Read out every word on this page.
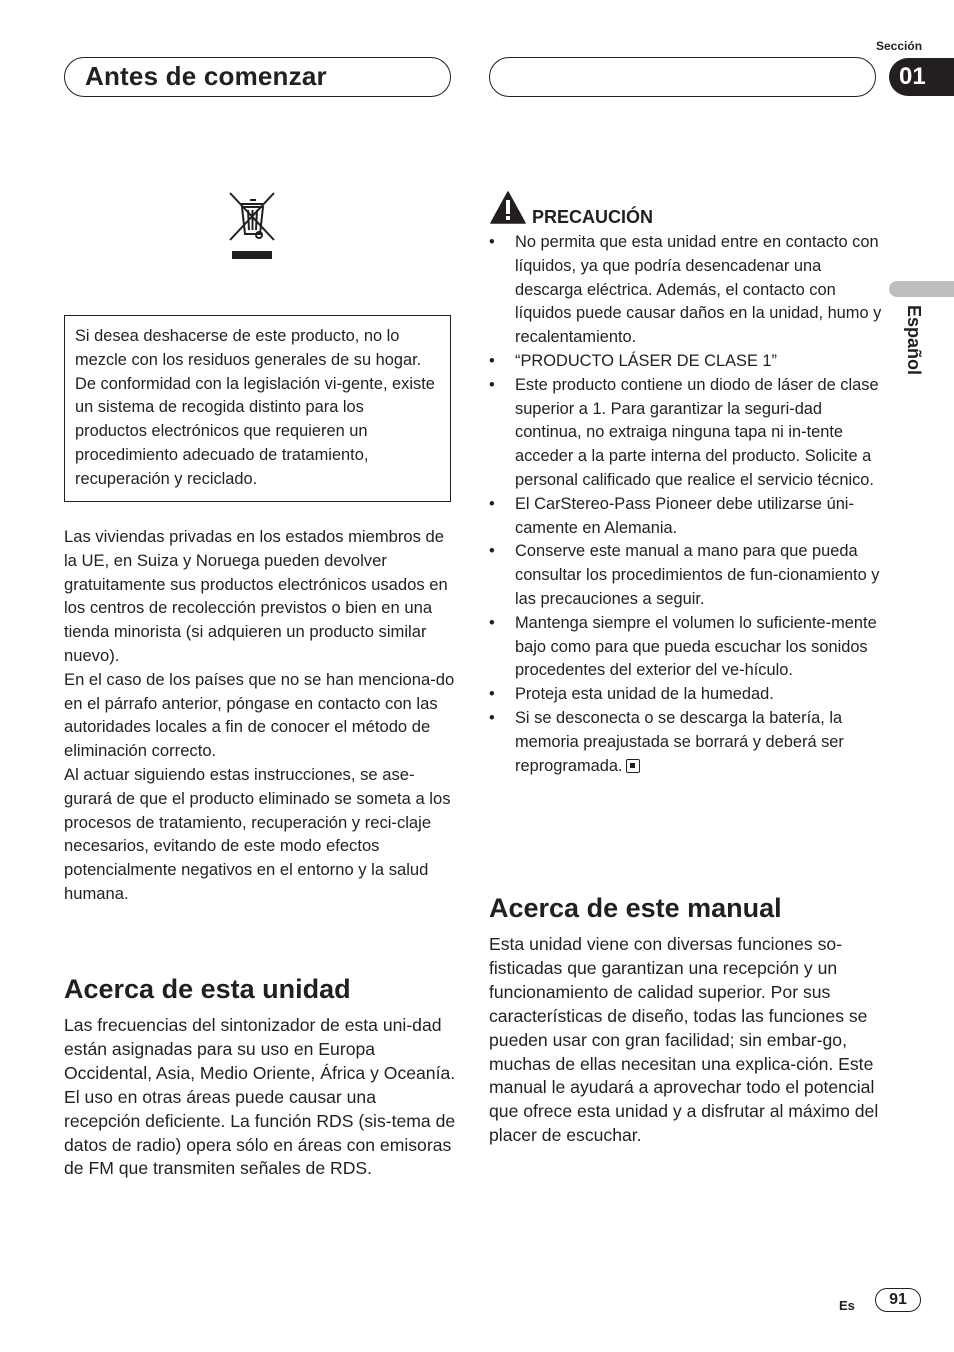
Antes de comenzar
Sección
01
Español
Si desea deshacerse de este producto, no lo mezcle con los residuos generales de su hogar. De conformidad con la legislación vi-gente, existe un sistema de recogida distinto para los productos electrónicos que requieren un procedimiento adecuado de tratamiento, recuperación y reciclado.
Las viviendas privadas en los estados miembros de la UE, en Suiza y Noruega pueden devolver gratuitamente sus productos electrónicos usados en los centros de recolección previstos o bien en una tienda minorista (si adquieren un producto similar nuevo).
En el caso de los países que no se han menciona-do en el párrafo anterior, póngase en contacto con las autoridades locales a fin de conocer el método de eliminación correcto.
Al actuar siguiendo estas instrucciones, se ase-gurará de que el producto eliminado se someta a los procesos de tratamiento, recuperación y reci-claje necesarios, evitando de este modo efectos potencialmente negativos en el entorno y la salud humana.
Acerca de esta unidad
Las frecuencias del sintonizador de esta uni-dad están asignadas para su uso en Europa Occidental, Asia, Medio Oriente, África y Oceanía. El uso en otras áreas puede causar una recepción deficiente. La función RDS (sis-tema de datos de radio) opera sólo en áreas con emisoras de FM que transmiten señales de RDS.
PRECAUCIÓN
• No permita que esta unidad entre en contacto con líquidos, ya que podría desencadenar una descarga eléctrica. Además, el contacto con líquidos puede causar daños en la unidad, humo y recalentamiento.
• “PRODUCTO LÁSER DE CLASE 1”
• Este producto contiene un diodo de láser de clase superior a 1. Para garantizar la seguri-dad continua, no extraiga ninguna tapa ni in-tente acceder a la parte interna del producto. Solicite a personal calificado que realice el servicio técnico.
• El CarStereo-Pass Pioneer debe utilizarse úni-camente en Alemania.
• Conserve este manual a mano para que pueda consultar los procedimientos de fun-cionamiento y las precauciones a seguir.
• Mantenga siempre el volumen lo suficiente-mente bajo como para que pueda escuchar los sonidos procedentes del exterior del ve-hículo.
• Proteja esta unidad de la humedad.
• Si se desconecta o se descarga la batería, la memoria preajustada se borrará y deberá ser reprogramada.
Acerca de este manual
Esta unidad viene con diversas funciones so-fisticadas que garantizan una recepción y un funcionamiento de calidad superior. Por sus características de diseño, todas las funciones se pueden usar con gran facilidad; sin embar-go, muchas de ellas necesitan una explica-ción. Este manual le ayudará a aprovechar todo el potencial que ofrece esta unidad y a disfrutar al máximo del placer de escuchar.
Es	91
